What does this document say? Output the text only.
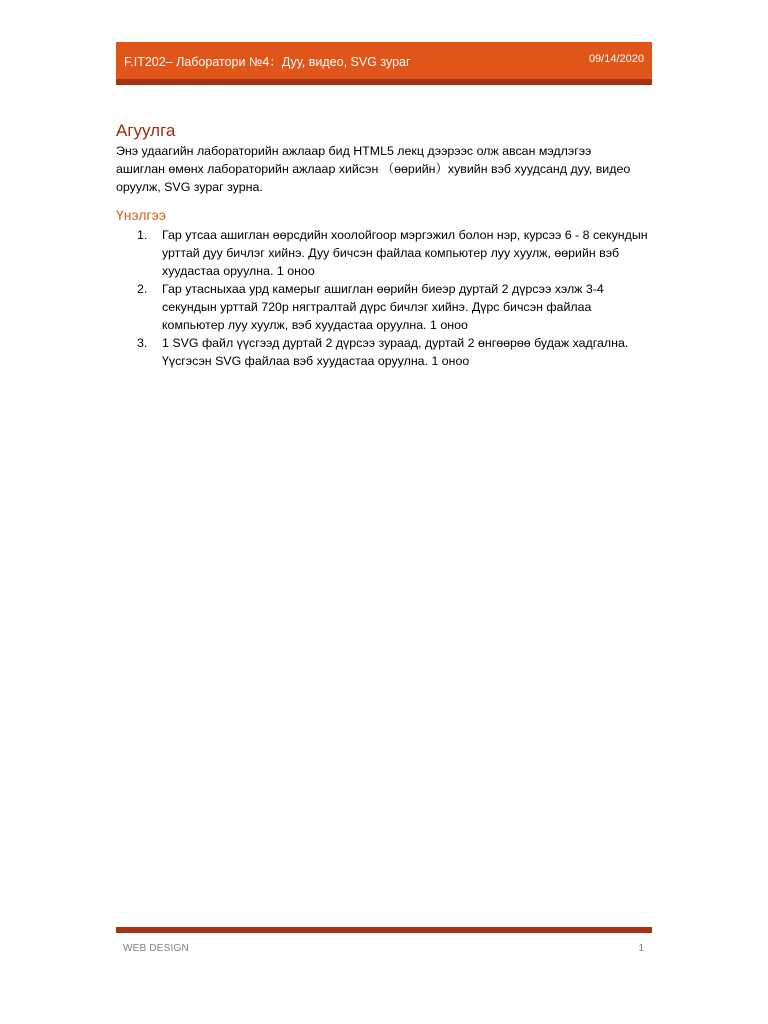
F.IT202– Лаборатори №4：Дуу, видео, SVG зураг	09/14/2020
Агуулга

Энэ удаагийн лабораторийн ажлаар бид HTML5 лекц дээрээс олж авсан мэдлэгээ ашиглан өмөнх лабораторийн ажлаар хийсэн （өөрийн）хувийн вэб хуудсанд дуу, видео оруулж, SVG зураг зурна.

Үнэлгээ
1. Гар утсаа ашиглан өөрсдийн хоолойгоор мэргэжил болон нэр, курсээ 6 - 8 секундын урттай дуу бичлэг хийнэ. Дуу бичсэн файлаа компьютер луу хуулж, өөрийн вэб хуудастаа оруулна. 1 оноо
2. Гар утасныхаа урд камерыг ашиглан өөрийн биеэр дуртай 2 дүрсээ хэлж 3-4 секундын урттай 720p нягтралтай дүрс бичлэг хийнэ. Дүрс бичсэн файлаа компьютер луу хуулж, вэб хуудастаа оруулна. 1 оноо
3. 1 SVG файл үүсгээд дуртай 2 дүрсээ зураад, дуртай 2 өнгөөрөө будаж хадгална. Үүсгэсэн SVG файлаа вэб хуудастаа оруулна. 1 оноо
WEB DESIGN	1
